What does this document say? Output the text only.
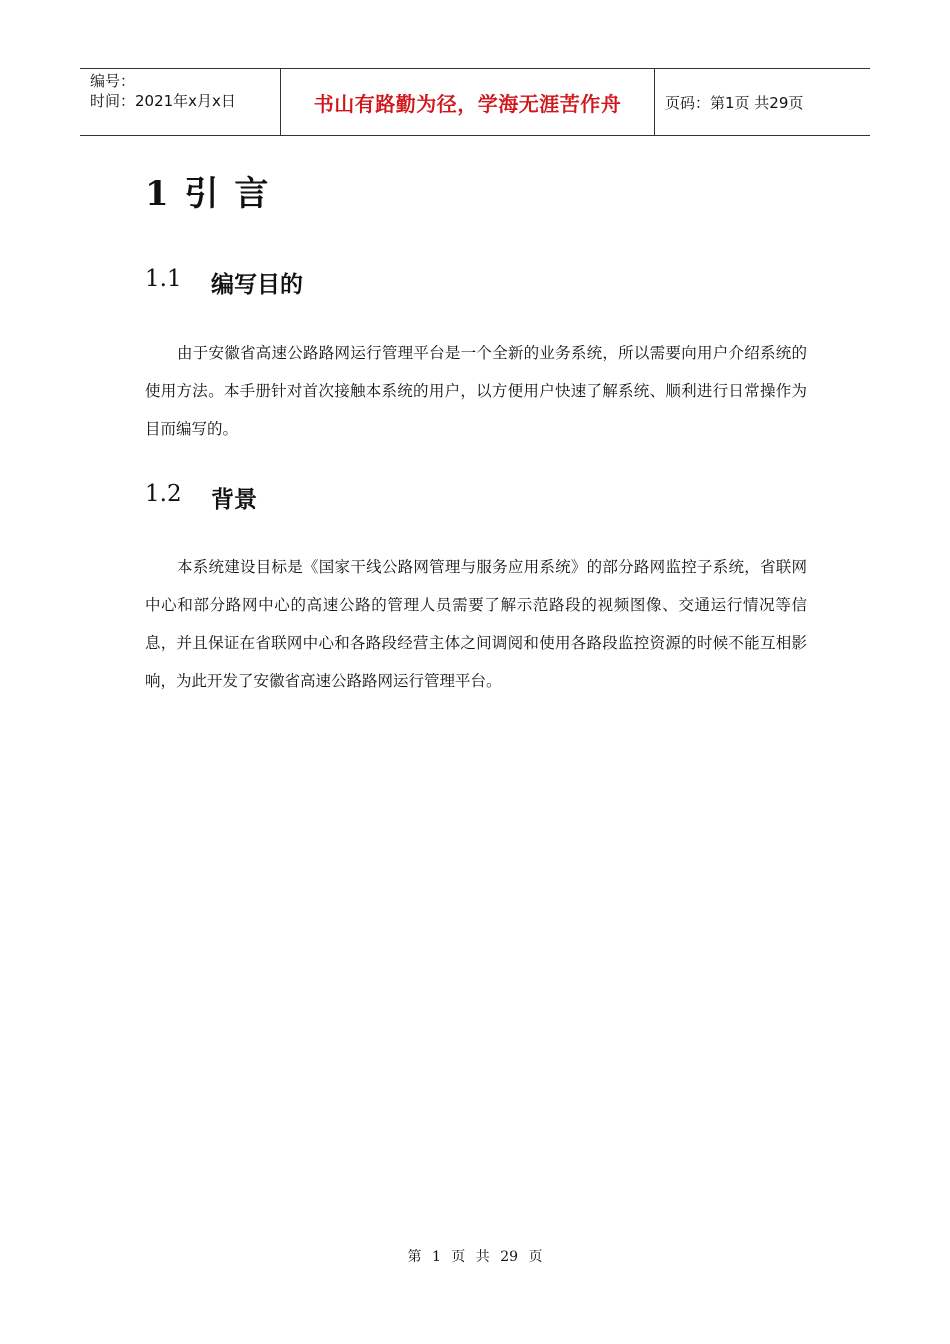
编号：
时间：2021年x月x日	书山有路勤为径，学海无涯苦作舟	页码：第1页 共29页
1 引 言
1.1	编写目的

由于安徽省高速公路路网运行管理平台是一个全新的业务系统，所以需要向用户介绍系统的使用方法。本手册针对首次接触本系统的用户，以方便用户快速了解系统、顺利进行日常操作为目而编写的。

1.2	背景

本系统建设目标是《国家干线公路网管理与服务应用系统》的部分路网监控子系统，省联网中心和部分路网中心的高速公路的管理人员需要了解示范路段的视频图像、交通运行情况等信息，并且保证在省联网中心和各路段经营主体之间调阅和使用各路段监控资源的时候不能互相影响，为此开发了安徽省高速公路路网运行管理平台。

第 1 页 共 29 页
